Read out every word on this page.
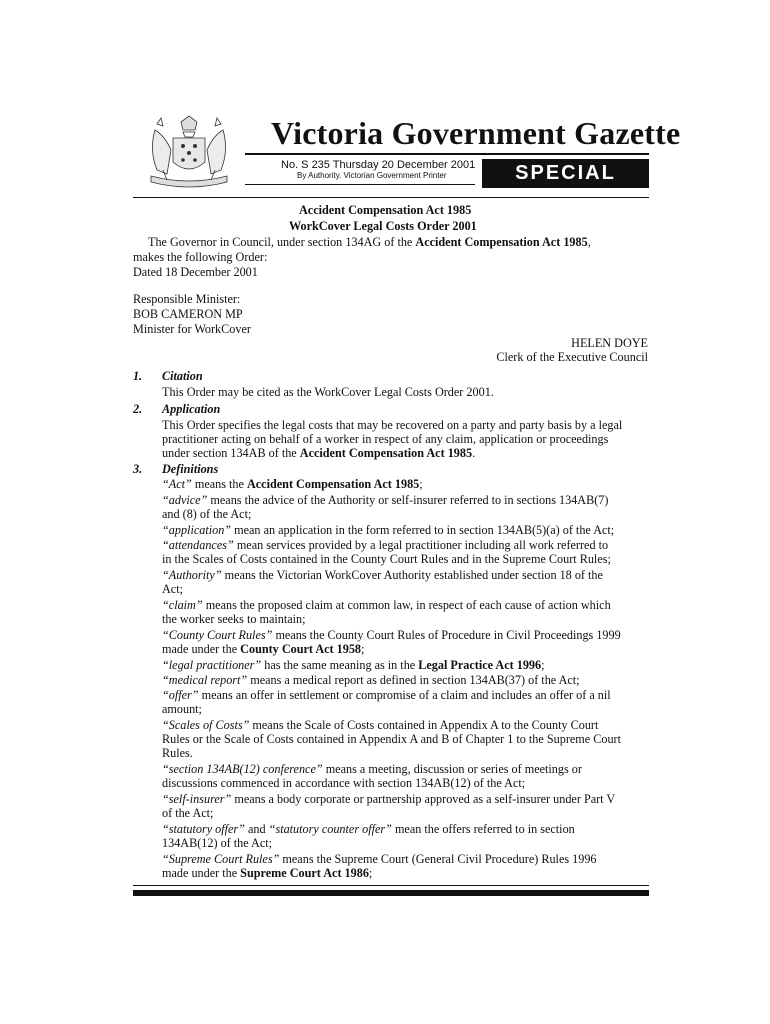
Victoria Government Gazette
No. S 235 Thursday 20 December 2001
By Authority. Victorian Government Printer	SPECIAL
Accident Compensation Act 1985
WorkCover Legal Costs Order 2001
The Governor in Council, under section 134AG of the Accident Compensation Act 1985,
makes the following Order:
Dated 18 December 2001
Responsible Minister:
BOB CAMERON MP
Minister for WorkCover
HELEN DOYE
Clerk of the Executive Council
1. Citation
This Order may be cited as the WorkCover Legal Costs Order 2001.
2. Application
This Order specifies the legal costs that may be recovered on a party and party basis by a legal
practitioner acting on behalf of a worker in respect of any claim, application or proceedings
under section 134AB of the Accident Compensation Act 1985.
3. Definitions
“Act” means the Accident Compensation Act 1985;
“advice” means the advice of the Authority or self-insurer referred to in sections 134AB(7)
and (8) of the Act;
“application” mean an application in the form referred to in section 134AB(5)(a) of the Act;
“attendances” mean services provided by a legal practitioner including all work referred to
in the Scales of Costs contained in the County Court Rules and in the Supreme Court Rules;
“Authority” means the Victorian WorkCover Authority established under section 18 of the
Act;
“claim” means the proposed claim at common law, in respect of each cause of action which
the worker seeks to maintain;
“County Court Rules” means the County Court Rules of Procedure in Civil Proceedings 1999
made under the County Court Act 1958;
“legal practitioner” has the same meaning as in the Legal Practice Act 1996;
“medical report” means a medical report as defined in section 134AB(37) of the Act;
“offer” means an offer in settlement or compromise of a claim and includes an offer of a nil
amount;
“Scales of Costs” means the Scale of Costs contained in Appendix A to the County Court
Rules or the Scale of Costs contained in Appendix A and B of Chapter 1 to the Supreme Court
Rules.
“section 134AB(12) conference” means a meeting, discussion or series of meetings or
discussions commenced in accordance with section 134AB(12) of the Act;
“self-insurer” means a body corporate or partnership approved as a self-insurer under Part V
of the Act;
“statutory offer” and “statutory counter offer” mean the offers referred to in section
134AB(12) of the Act;
“Supreme Court Rules” means the Supreme Court (General Civil Procedure) Rules 1996
made under the Supreme Court Act 1986;
